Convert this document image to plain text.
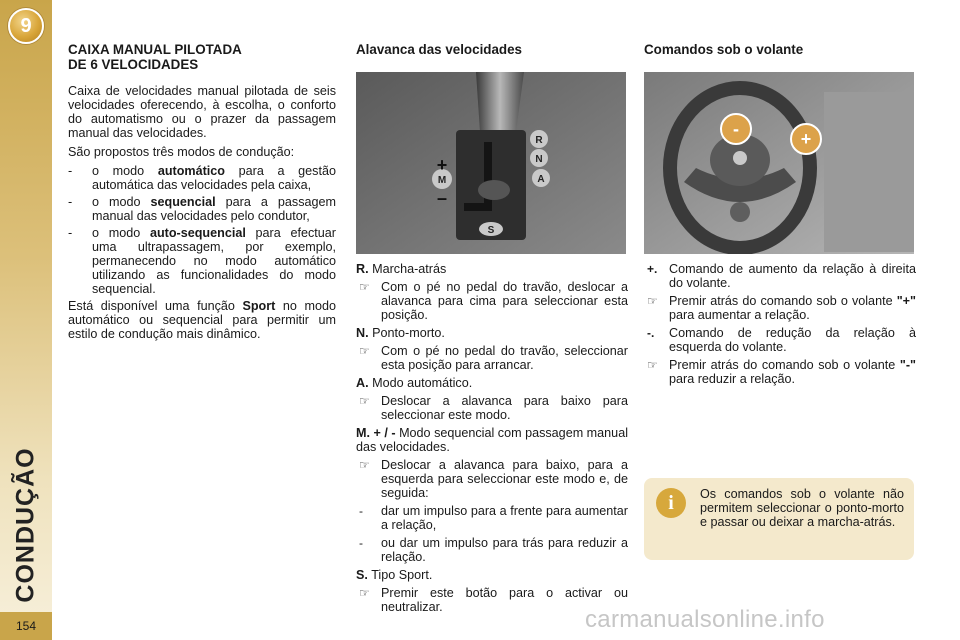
9
CONDUÇÃO
154
CAIXA MANUAL PILOTADA
DE 6 VELOCIDADES

Caixa de velocidades manual pilotada de seis velocidades oferecendo, à escolha, o conforto do automatismo ou o prazer da passagem manual das velocidades.

São propostos três modos de condução:

- o modo automático para a gestão automática das velocidades pela caixa,
- o modo sequencial para a passagem manual das velocidades pelo condutor,
- o modo auto-sequencial para efectuar uma ultrapassagem, por exemplo, permanecendo no modo automático utilizando as funcionalidades do modo sequencial.

Está disponível uma função Sport no modo automático ou sequencial para permitir um estilo de condução mais dinâmico.

Alavanca das velocidades
R
N
A
M
+
–
S
R. Marcha-atrás
☞ Com o pé no pedal do travão, deslocar a alavanca para cima para seleccionar esta posição.
N. Ponto-morto.
☞ Com o pé no pedal do travão, seleccionar esta posição para arrancar.
A. Modo automático.
☞ Deslocar a alavanca para baixo para seleccionar este modo.
M. + / - Modo sequencial com passagem manual das velocidades.
☞ Deslocar a alavanca para baixo, para a esquerda para seleccionar este modo e, de seguida:
- dar um impulso para a frente para aumentar a relação,
- ou dar um impulso para trás para reduzir a relação.
S. Tipo Sport.
☞ Premir este botão para o activar ou neutralizar.
Comandos sob o volante
-	+
+. Comando de aumento da relação à direita do volante.
☞ Premir atrás do comando sob o volante "+" para aumentar a relação.
-. Comando de redução da relação à esquerda do volante.
☞ Premir atrás do comando sob o volante "-" para reduzir a relação.
i	Os comandos sob o volante não permitem seleccionar o ponto-morto e passar ou deixar a marcha-atrás.
carmanualsonline.info
